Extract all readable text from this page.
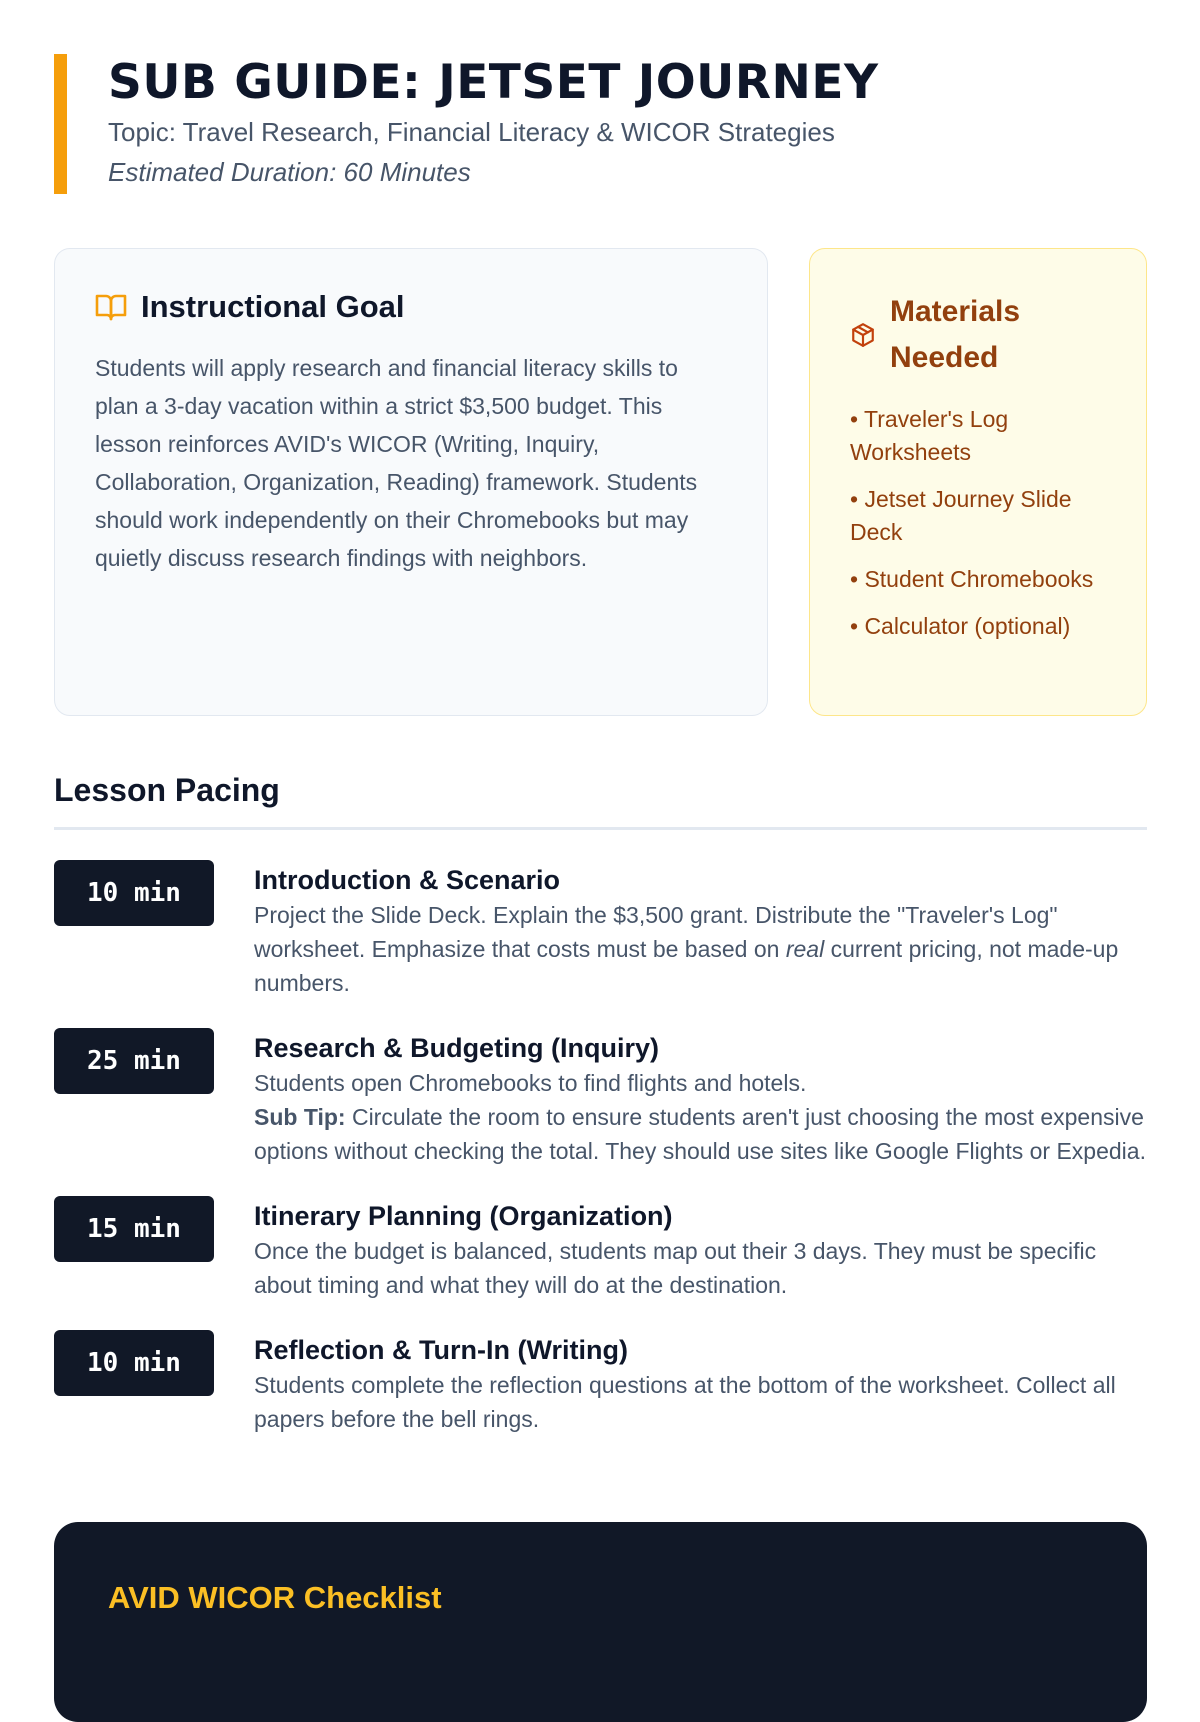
SUB GUIDE: JETSET JOURNEY

Topic: Travel Research, Financial Literacy & WICOR Strategies

Estimated Duration: 60 Minutes

Instructional Goal
Students will apply research and financial literacy skills to plan a 3-day vacation within a strict $3,500 budget. This lesson reinforces AVID's WICOR (Writing, Inquiry, Collaboration, Organization, Reading) framework. Students should work independently on their Chromebooks but may quietly discuss research findings with neighbors.
Materials Needed
• Traveler's Log Worksheets
• Jetset Journey Slide Deck
• Student Chromebooks
• Calculator (optional)
Lesson Pacing
10 min	Introduction & Scenario
Project the Slide Deck. Explain the $3,500 grant. Distribute the "Traveler's Log" worksheet. Emphasize that costs must be based on real current pricing, not made-up numbers.
25 min	Research & Budgeting (Inquiry)
Students open Chromebooks to find flights and hotels.
Sub Tip: Circulate the room to ensure students aren't just choosing the most expensive options without checking the total. They should use sites like Google Flights or Expedia.
15 min	Itinerary Planning (Organization)
Once the budget is balanced, students map out their 3 days. They must be specific about timing and what they will do at the destination.
10 min	Reflection & Turn-In (Writing)
Students complete the reflection questions at the bottom of the worksheet. Collect all papers before the bell rings.
AVID WICOR Checklist
